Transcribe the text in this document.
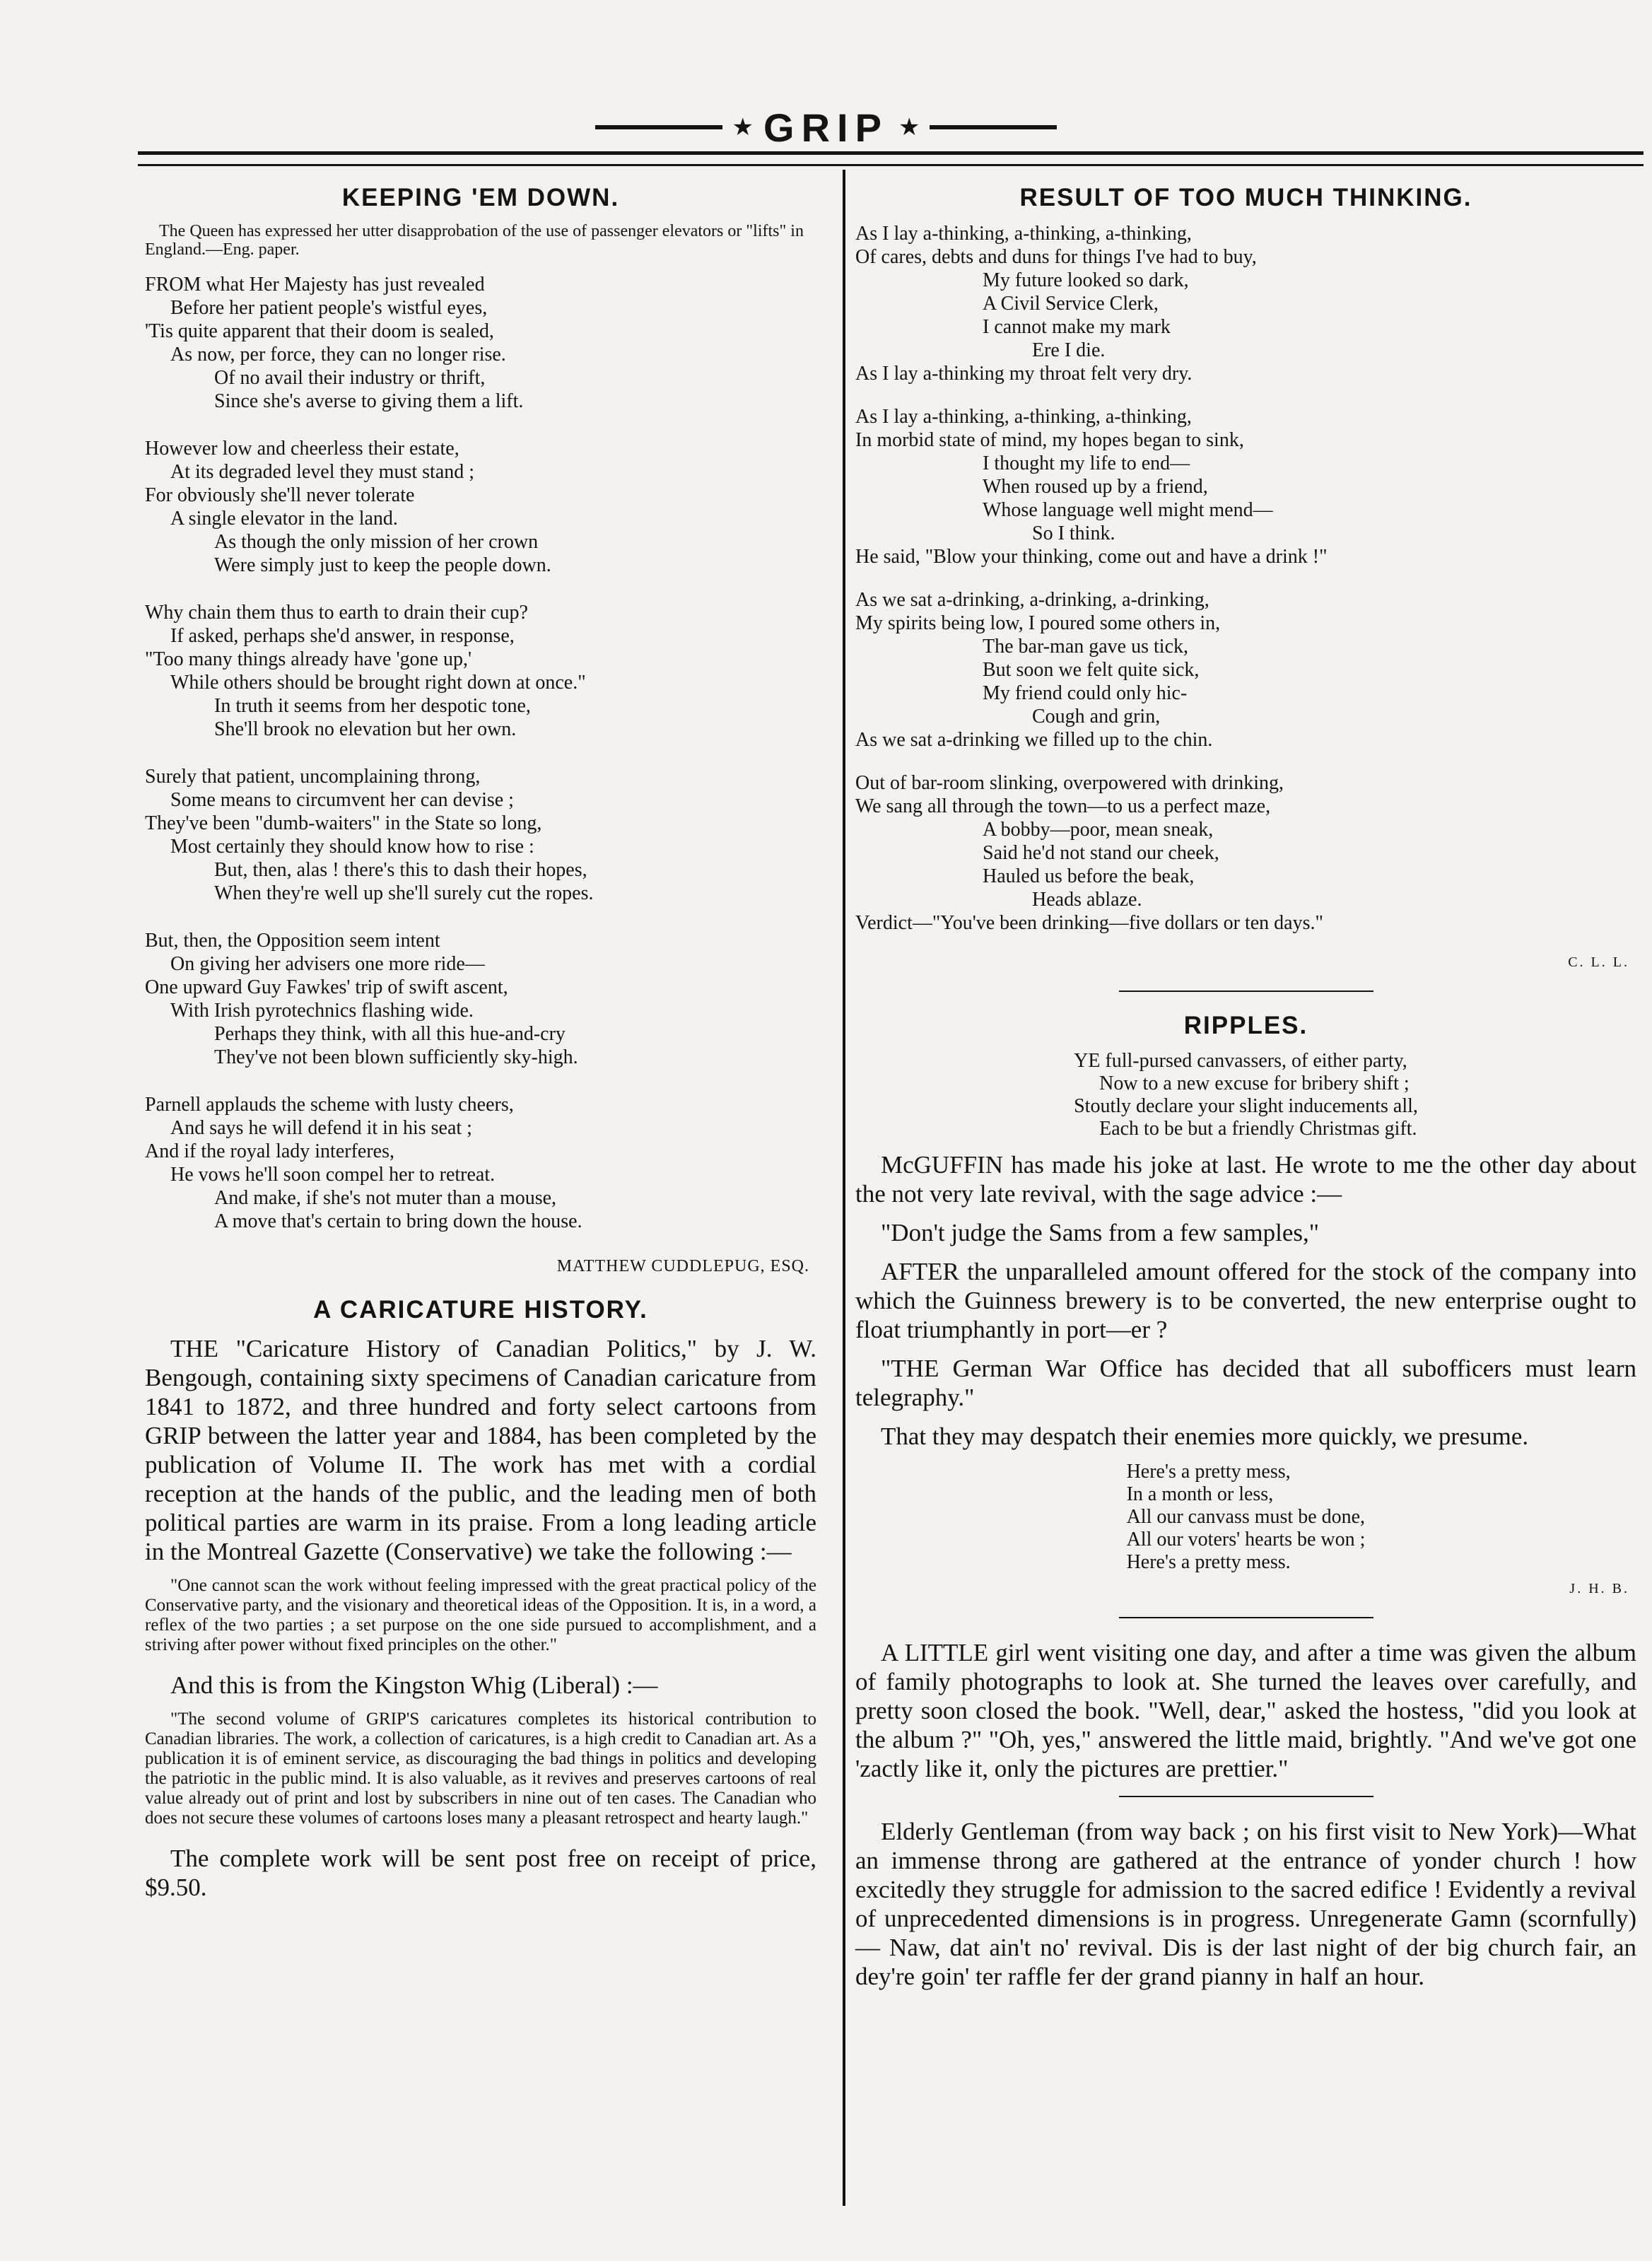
★ GRIP ★
KEEPING 'EM DOWN.
The Queen has expressed her utter disapprobation of the use of passenger elevators or "lifts" in England.—Eng. paper.
FROM what Her Majesty has just revealed
Before her patient people's wistful eyes,
'Tis quite apparent that their doom is sealed,
As now, per force, they can no longer rise.
Of no avail their industry or thrift,
Since she's averse to giving them a lift.
However low and cheerless their estate,
At its degraded level they must stand ;
For obviously she'll never tolerate
A single elevator in the land.
As though the only mission of her crown
Were simply just to keep the people down.
Why chain them thus to earth to drain their cup?
If asked, perhaps she'd answer, in response,
"Too many things already have 'gone up,'
While others should be brought right down at once."
In truth it seems from her despotic tone,
She'll brook no elevation but her own.
Surely that patient, uncomplaining throng,
Some means to circumvent her can devise ;
They've been "dumb-waiters" in the State so long,
Most certainly they should know how to rise :
But, then, alas ! there's this to dash their hopes,
When they're well up she'll surely cut the ropes.
But, then, the Opposition seem intent
On giving her advisers one more ride—
One upward Guy Fawkes' trip of swift ascent,
With Irish pyrotechnics flashing wide.
Perhaps they think, with all this hue-and-cry
They've not been blown sufficiently sky-high.
Parnell applauds the scheme with lusty cheers,
And says he will defend it in his seat ;
And if the royal lady interferes,
He vows he'll soon compel her to retreat.
And make, if she's not muter than a mouse,
A move that's certain to bring down the house.
MATTHEW CUDDLEPUG, ESQ.
A CARICATURE HISTORY.
THE "Caricature History of Canadian Politics," by J. W. Bengough, containing sixty specimens of Canadian caricature from 1841 to 1872, and three hundred and forty select cartoons from GRIP between the latter year and 1884, has been completed by the publication of Volume II. The work has met with a cordial reception at the hands of the public, and the leading men of both political parties are warm in its praise. From a long leading article in the Montreal Gazette (Conservative) we take the following :—
"One cannot scan the work without feeling impressed with the great practical policy of the Conservative party, and the visionary and theoretical ideas of the Opposition. It is, in a word, a reflex of the two parties ; a set purpose on the one side pursued to accomplishment, and a striving after power without fixed principles on the other."
And this is from the Kingston Whig (Liberal) :—
"The second volume of GRIP'S caricatures completes its historical contribution to Canadian libraries. The work, a collection of caricatures, is a high credit to Canadian art. As a publication it is of eminent service, as discouraging the bad things in politics and developing the patriotic in the public mind. It is also valuable, as it revives and preserves cartoons of real value already out of print and lost by subscribers in nine out of ten cases. The Canadian who does not secure these volumes of cartoons loses many a pleasant retrospect and hearty laugh."
The complete work will be sent post free on receipt of price, $9.50.
RESULT OF TOO MUCH THINKING.
As I lay a-thinking, a-thinking, a-thinking,
Of cares, debts and duns for things I've had to buy,
My future looked so dark,
A Civil Service Clerk,
I cannot make my mark
Ere I die.
As I lay a-thinking my throat felt very dry.
As I lay a-thinking, a-thinking, a-thinking,
In morbid state of mind, my hopes began to sink,
I thought my life to end—
When roused up by a friend,
Whose language well might mend—
So I think.
He said, "Blow your thinking, come out and have a drink !"
As we sat a-drinking, a-drinking, a-drinking,
My spirits being low, I poured some others in,
The bar-man gave us tick,
But soon we felt quite sick,
My friend could only hic-
Cough and grin,
As we sat a-drinking we filled up to the chin.
Out of bar-room slinking, overpowered with drinking,
We sang all through the town—to us a perfect maze,
A bobby—poor, mean sneak,
Said he'd not stand our cheek,
Hauled us before the beak,
Heads ablaze.
Verdict—"You've been drinking—five dollars or ten days."
C. L. L.
RIPPLES.
YE full-pursed canvassers, of either party,
Now to a new excuse for bribery shift ;
Stoutly declare your slight inducements all,
Each to be but a friendly Christmas gift.
McGUFFIN has made his joke at last. He wrote to me the other day about the not very late revival, with the sage advice :—
"Don't judge the Sams from a few samples,"
AFTER the unparalleled amount offered for the stock of the company into which the Guinness brewery is to be converted, the new enterprise ought to float triumphantly in port—er ?
"THE German War Office has decided that all subofficers must learn telegraphy."
That they may despatch their enemies more quickly, we presume.
Here's a pretty mess,
In a month or less,
All our canvass must be done,
All our voters' hearts be won ;
Here's a pretty mess.
J. H. B.
A LITTLE girl went visiting one day, and after a time was given the album of family photographs to look at. She turned the leaves over carefully, and pretty soon closed the book. "Well, dear," asked the hostess, "did you look at the album ?" "Oh, yes," answered the little maid, brightly. "And we've got one 'zactly like it, only the pictures are prettier."
Elderly Gentleman (from way back ; on his first visit to New York)—What an immense throng are gathered at the entrance of yonder church ! how excitedly they struggle for admission to the sacred edifice ! Evidently a revival of unprecedented dimensions is in progress. Unregenerate Gamn (scornfully) — Naw, dat ain't no' revival. Dis is der last night of der big church fair, an dey're goin' ter raffle fer der grand pianny in half an hour.
